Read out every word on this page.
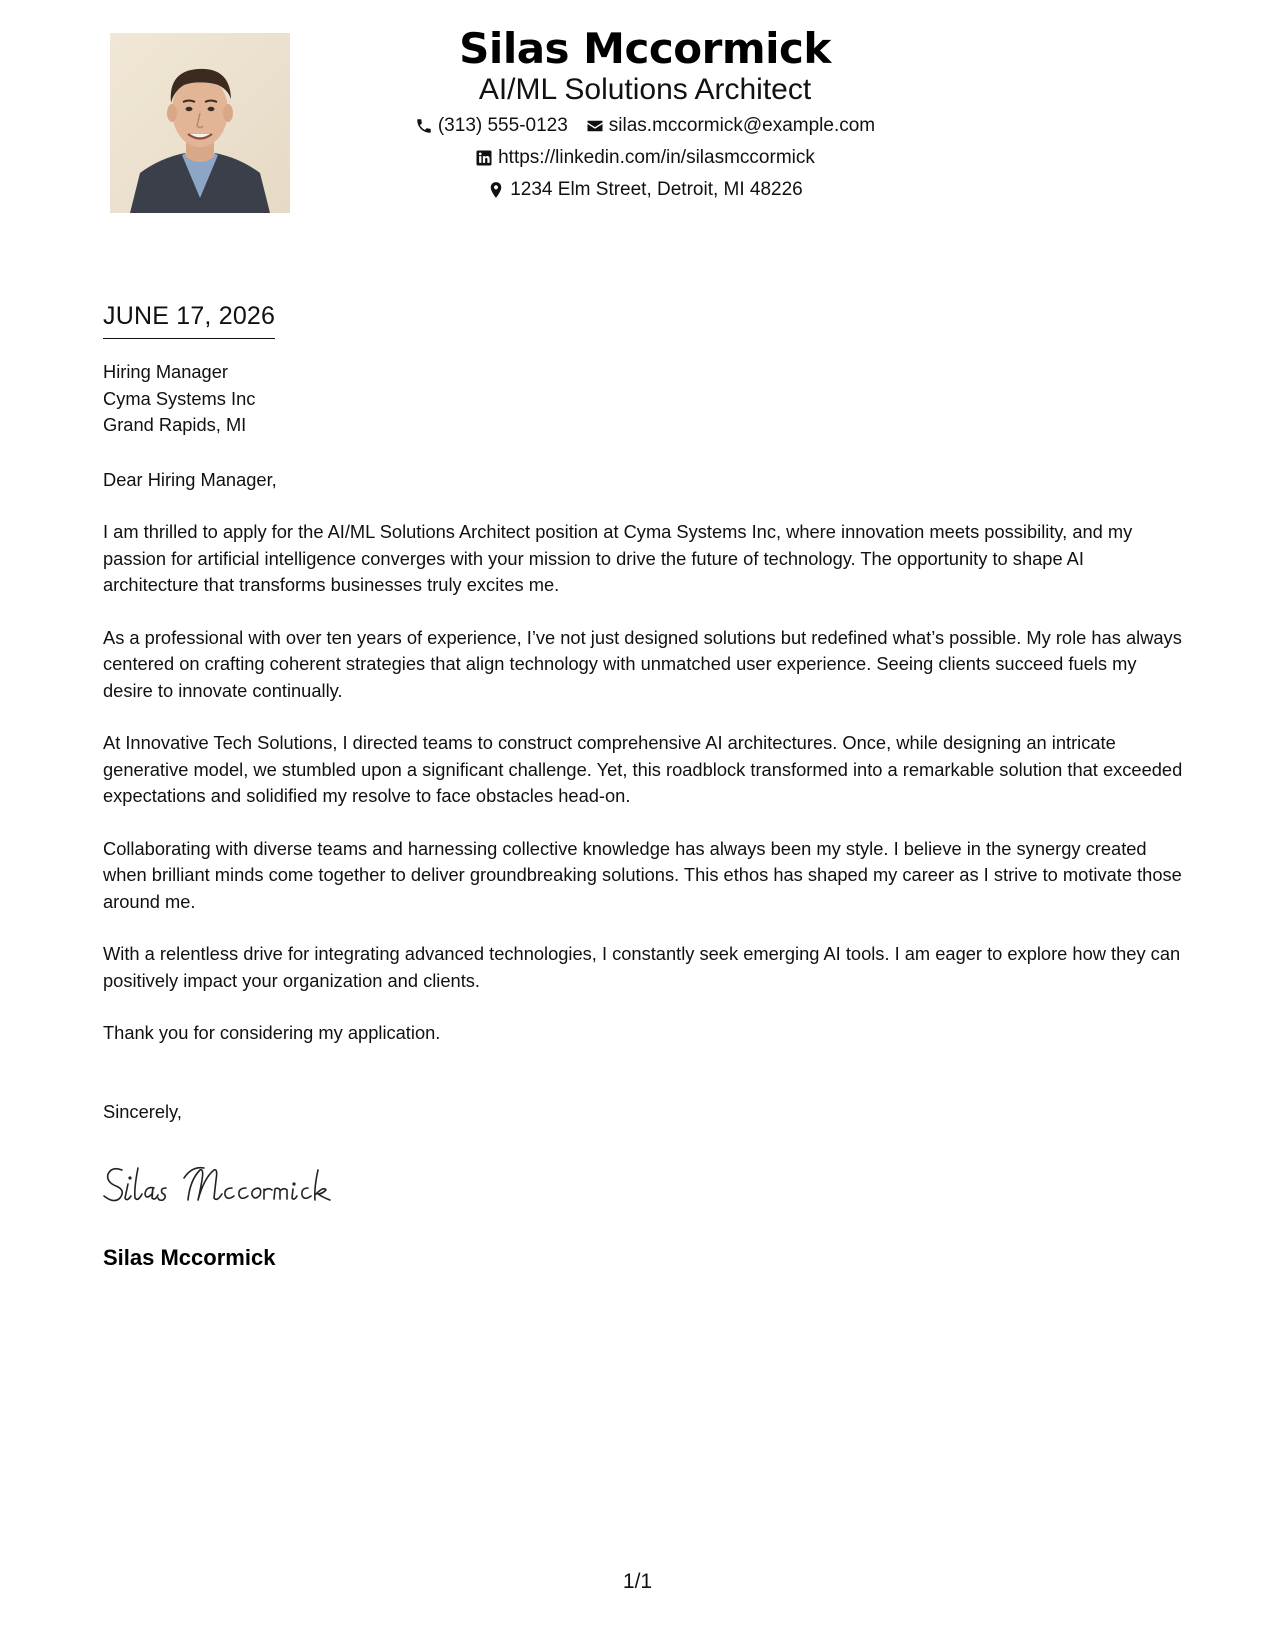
Silas Mccormick
AI/ML Solutions Architect
(313) 555-0123 silas.mccormick@example.com
https://linkedin.com/in/silasmccormick
1234 Elm Street, Detroit, MI 48226
JUNE 17, 2026
Hiring Manager
Cyma Systems Inc
Grand Rapids, MI
Dear Hiring Manager,
I am thrilled to apply for the AI/ML Solutions Architect position at Cyma Systems Inc, where innovation meets possibility, and my passion for artificial intelligence converges with your mission to drive the future of technology. The opportunity to shape AI architecture that transforms businesses truly excites me.
As a professional with over ten years of experience, I’ve not just designed solutions but redefined what’s possible. My role has always centered on crafting coherent strategies that align technology with unmatched user experience. Seeing clients succeed fuels my desire to innovate continually.
At Innovative Tech Solutions, I directed teams to construct comprehensive AI architectures. Once, while designing an intricate generative model, we stumbled upon a significant challenge. Yet, this roadblock transformed into a remarkable solution that exceeded expectations and solidified my resolve to face obstacles head-on.
Collaborating with diverse teams and harnessing collective knowledge has always been my style. I believe in the synergy created when brilliant minds come together to deliver groundbreaking solutions. This ethos has shaped my career as I strive to motivate those around me.
With a relentless drive for integrating advanced technologies, I constantly seek emerging AI tools. I am eager to explore how they can positively impact your organization and clients.
Thank you for considering my application.
Sincerely,
Silas Mccormick
1/1
